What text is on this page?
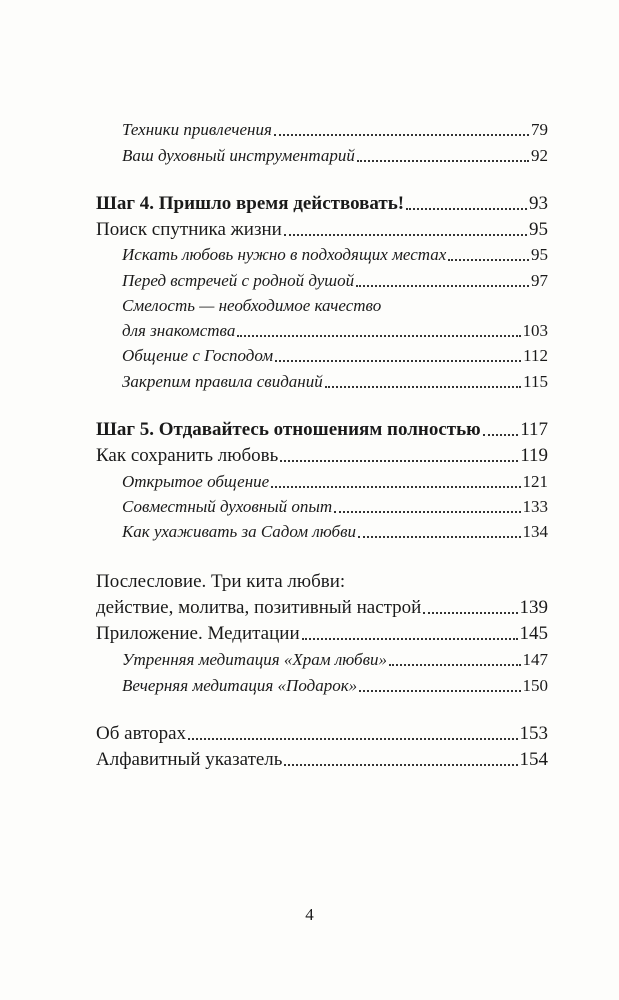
Техники привлечения	79
Ваш духовный инструментарий	92
Шаг 4. Пришло время действовать!	93
Поиск спутника жизни	95
Искать любовь нужно в подходящих местах	95
Перед встречей с родной душой	97
Смелость — необходимое качество
для знакомства	103
Общение с Господом	112
Закрепим правила свиданий	115
Шаг 5. Отдавайтесь отношениям полностью 117
Как сохранить любовь	119
Открытое общение	121
Совместный духовный опыт	133
Как ухаживать за Садом любви	134
Послесловие. Три кита любви:
действие, молитва, позитивный настрой	139
Приложение. Медитации	145
Утренняя медитация «Храм любви»	147
Вечерняя медитация «Подарок»	150
Об авторах	153
Алфавитный указатель	154
4
